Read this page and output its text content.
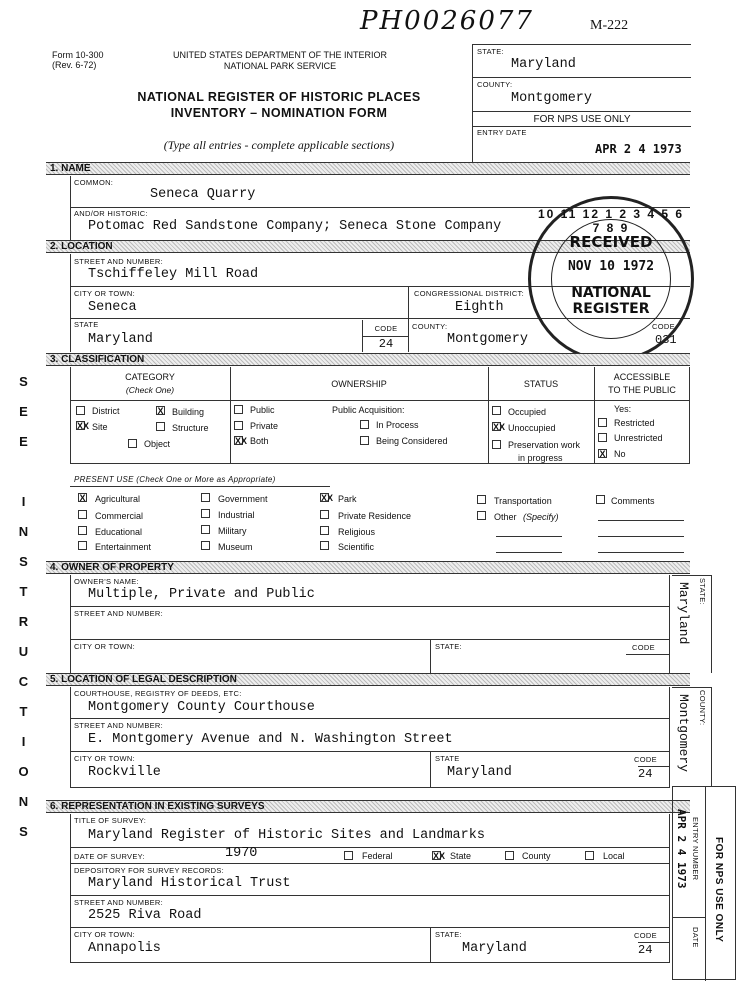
PH0026077	M-222
Form 10-300
(Rev. 6-72)
UNITED STATES DEPARTMENT OF THE INTERIOR
NATIONAL PARK SERVICE
NATIONAL REGISTER OF HISTORIC PLACES
INVENTORY – NOMINATION FORM
(Type all entries - complete applicable sections)
STATE:
Maryland
COUNTY:
Montgomery
FOR NPS USE ONLY
ENTRY DATE
APR 2 4 1973
SEE INSTRUCTIONS
1. NAME
COMMON:
Seneca Quarry
AND/OR HISTORIC:
Potomac Red Sandstone Company; Seneca Stone Company
2. LOCATION
STREET AND NUMBER:
Tschiffeley Mill Road
CITY OR TOWN:
Seneca
CONGRESSIONAL DISTRICT:
Eighth
STATE
Maryland
CODE
24
COUNTY:
Montgomery
CODE
031
10 11 12 1 2 3 4 5 6 7 8 9
RECEIVED
NOV 10 1972
NATIONAL
REGISTER
3. CLASSIFICATION
CATEGORY
(Check One)
OWNERSHIP	STATUS
ACCESSIBLE
TO THE PUBLIC
District	X Building
XX Site	Structure
Object
Public
Private
XX Both
Public Acquisition:
In Process
Being Considered
Occupied
XX Unoccupied
Preservation work
in progress
Yes:
Restricted
Unrestricted
X No
PRESENT USE (Check One or More as Appropriate)
X Agricultural	Government	XX Park	Transportation	Comments
Commercial	Industrial	Private Residence	Other (Specify)
Educational	Military	Religious
Entertainment	Museum	Scientific
4. OWNER OF PROPERTY
OWNER'S NAME:
Multiple, Private and Public
STREET AND NUMBER:
CITY OR TOWN:	STATE:	CODE
STATE:
Maryland
5. LOCATION OF LEGAL DESCRIPTION
COURTHOUSE, REGISTRY OF DEEDS, ETC:
Montgomery County Courthouse
STREET AND NUMBER:
E. Montgomery Avenue and N. Washington Street
CITY OR TOWN:
Rockville
STATE
Maryland
CODE
24
COUNTY:
Montgomery
6. REPRESENTATION IN EXISTING SURVEYS
TITLE OF SURVEY:
Maryland Register of Historic Sites and Landmarks
DATE OF SURVEY:	1970	Federal	XX State	County	Local
DEPOSITORY FOR SURVEY RECORDS:
Maryland Historical Trust
STREET AND NUMBER:
2525 Riva Road
CITY OR TOWN:
Annapolis
STATE:
Maryland
CODE
24
FOR NPS USE ONLY
ENTRY NUMBER
DATE
APR 2 4 1973
